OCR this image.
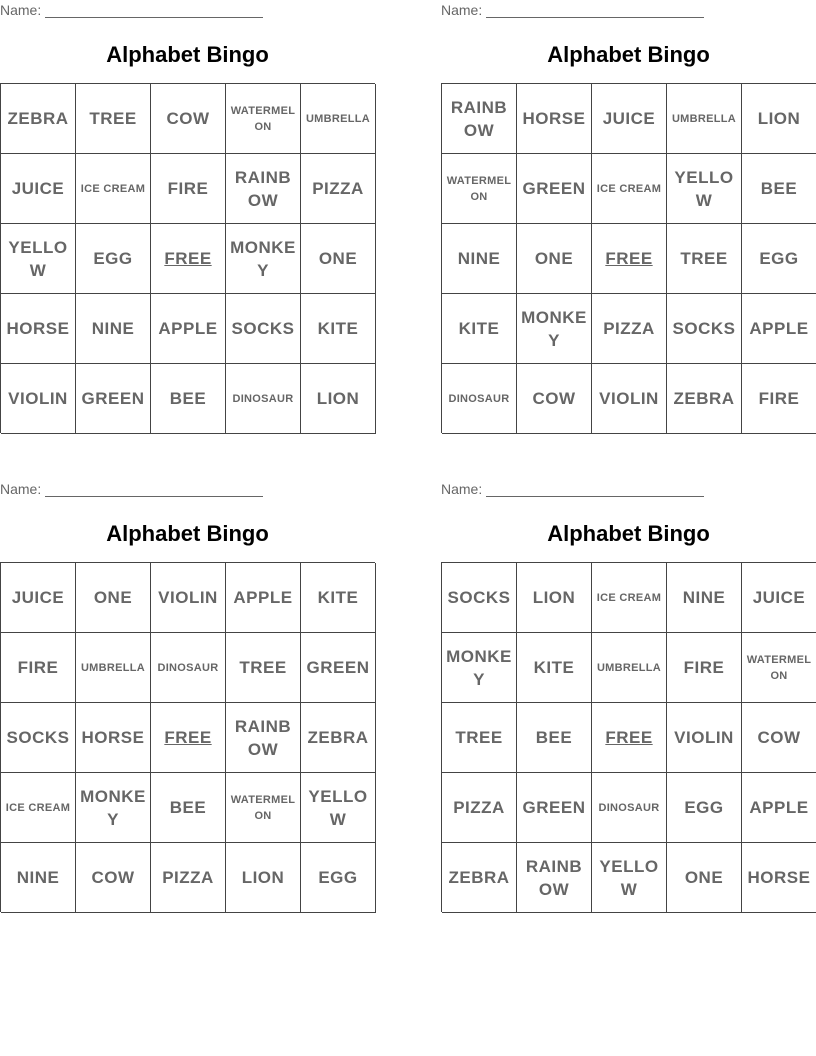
Name:
Alphabet Bingo
ZEBRA TREE COW WATERMELON
UMBRELLA
JUICE ICE CREAM FIRE
RAINBOW
PIZZA
YELLOW
EGG FREE
MONKEY
ONE
HORSE NINE APPLE SOCKS KITE
VIOLIN GREEN BEE DINOSAUR LION
Name:
Alphabet Bingo
RAINBOW
HORSE JUICE UMBRELLA LION
WATERMELON	GREEN ICE CREAM
YELLOW
BEE
NINE ONE FREE TREE EGG
KITE
MONKEY
PIZZA SOCKS APPLE
DINOSAUR COW VIOLIN ZEBRA FIRE
Name:
Alphabet Bingo
JUICE ONE VIOLIN APPLE KITE
FIRE UMBRELLA DINOSAUR TREE GREEN
SOCKS HORSE FREE
RAINBOW
ZEBRA
ICE CREAM
MONKEY
BEE WATERMELON
YELLOW
NINE COW PIZZA LION EGG
Name:
Alphabet Bingo
SOCKS LION ICE CREAM NINE JUICE
MONKEY
KITE UMBRELLA FIRE WATERMELON
TREE BEE FREE VIOLIN COW
PIZZA GREEN DINOSAUR EGG APPLE
ZEBRA
RAINBOW
YELLOW
ONE HORSE
